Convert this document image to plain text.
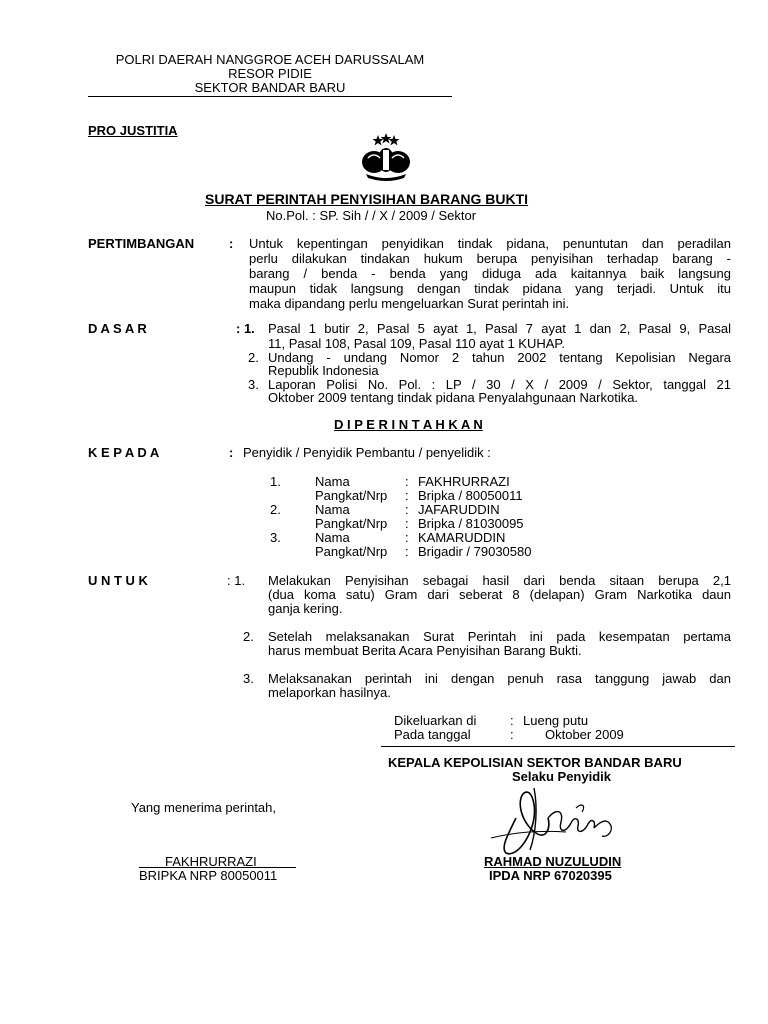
POLRI DAERAH NANGGROE ACEH DARUSSALAM
RESOR PIDIE
SEKTOR BANDAR BARU
PRO JUSTITIA
SURAT PERINTAH PENYISIHAN BARANG BUKTI
No.Pol. : SP. Sih / / X / 2009 / Sektor
PERTIMBANGAN	: Untuk kepentingan penyidikan tindak pidana, penuntutan dan peradilan
perlu dilakukan tindakan hukum berupa penyisihan terhadap barang -
barang / benda - benda yang diduga ada kaitannya baik langsung
maupun tidak langsung dengan tindak pidana yang terjadi. Untuk itu
maka dipandang perlu mengeluarkan Surat perintah ini.
D A S A R	: 1. Pasal 1 butir 2, Pasal 5 ayat 1, Pasal 7 ayat 1 dan 2, Pasal 9, Pasal
11, Pasal 108, Pasal 109, Pasal 110 ayat 1 KUHAP.
2. Undang - undang Nomor 2 tahun 2002 tentang Kepolisian Negara
Republik Indonesia
3. Laporan Polisi No. Pol. : LP / 30 / X / 2009 / Sektor, tanggal 21
Oktober 2009 tentang tindak pidana Penyalahgunaan Narkotika.
D I P E R I N T A H K A N
K E P A D A	: Penyidik / Penyidik Pembantu / penyelidik :
1.	Nama	: FAKHRURRAZI
Pangkat/Nrp : Bripka / 80050011
2.	Nama	: JAFARUDDIN
Pangkat/Nrp : Bripka / 81030095
3.	Nama	: KAMARUDDIN
Pangkat/Nrp : Brigadir / 79030580
U N T U K	: 1. Melakukan Penyisihan sebagai hasil dari benda sitaan berupa 2,1
(dua koma satu) Gram dari seberat 8 (delapan) Gram Narkotika daun
ganja kering.
2. Setelah melaksanakan Surat Perintah ini pada kesempatan pertama
harus membuat Berita Acara Penyisihan Barang Bukti.
3. Melaksanakan perintah ini dengan penuh rasa tanggung jawab dan
melaporkan hasilnya.
Dikeluarkan di	: Lueng putu
Pada tanggal	: Oktober 2009
KEPALA KEPOLISIAN SEKTOR BANDAR BARU
Selaku Penyidik
RAHMAD NUZULUDIN
IPDA NRP 67020395
Yang menerima perintah,
FAKHRURRAZI
BRIPKA NRP 80050011
